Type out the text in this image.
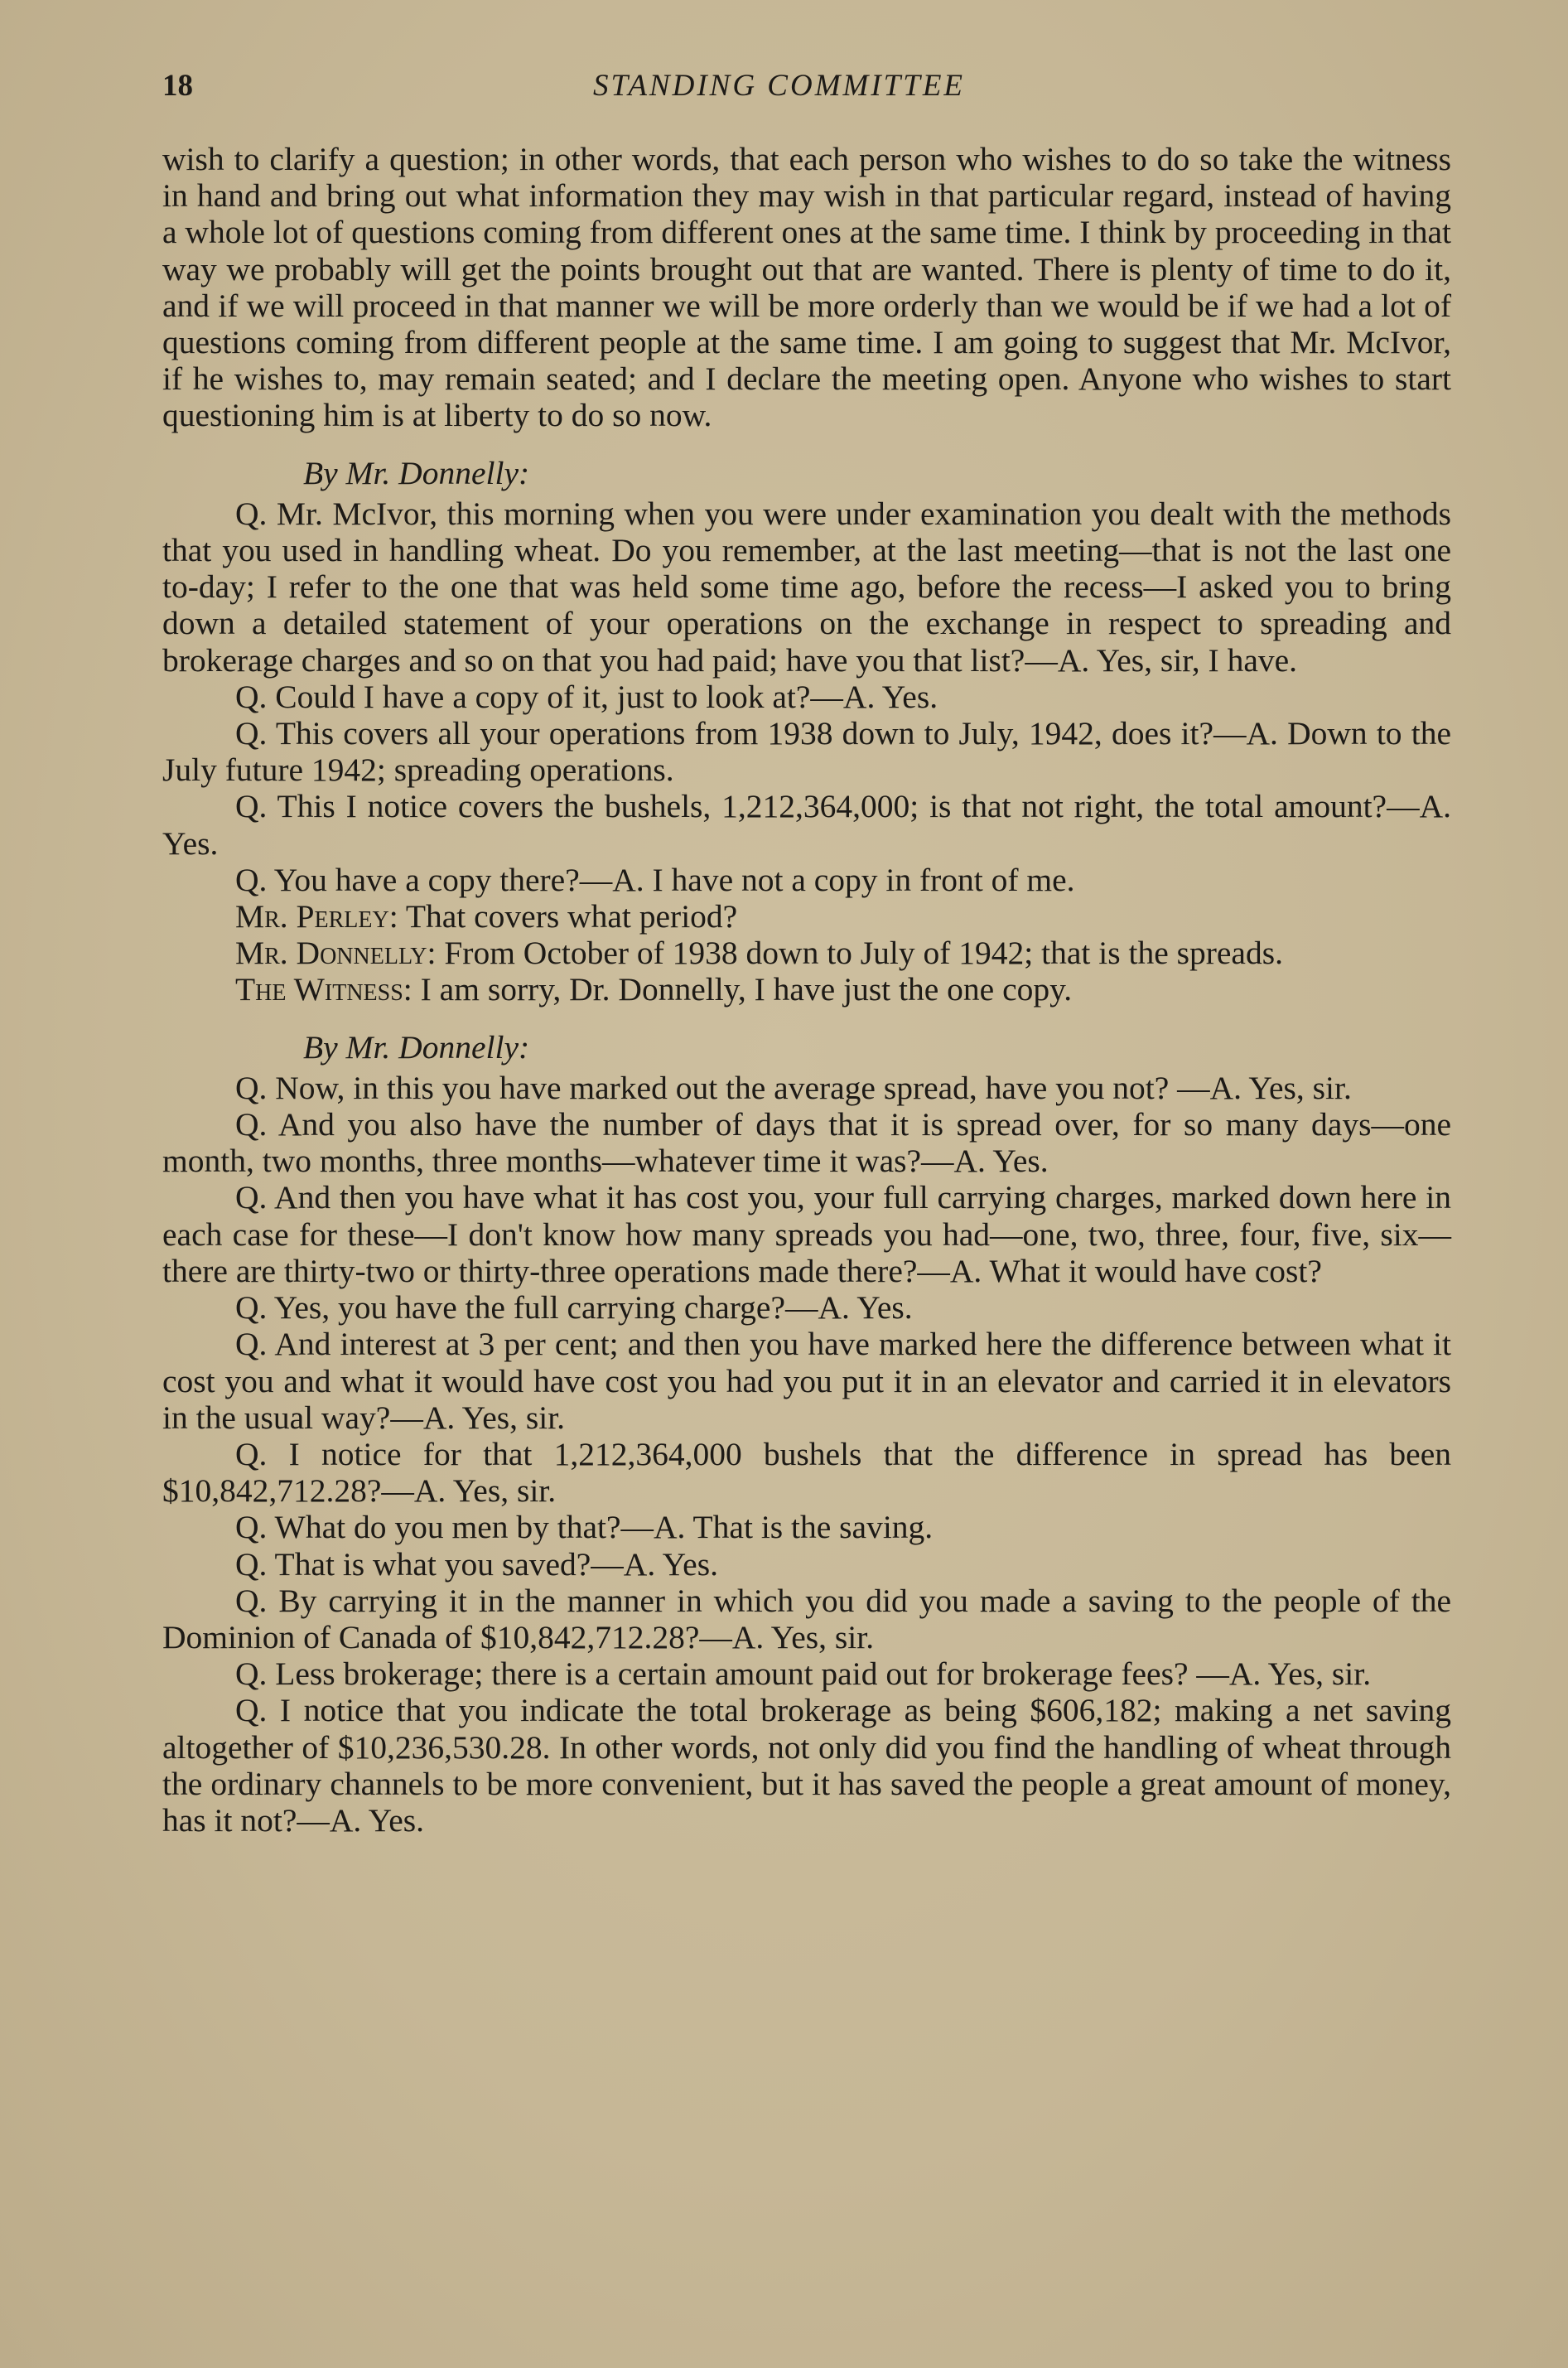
18	STANDING COMMITTEE

wish to clarify a question; in other words, that each person who wishes to do so take the witness in hand and bring out what information they may wish in that particular regard, instead of having a whole lot of questions coming from different ones at the same time. I think by proceeding in that way we probably will get the points brought out that are wanted. There is plenty of time to do it, and if we will proceed in that manner we will be more orderly than we would be if we had a lot of questions coming from different people at the same time. I am going to suggest that Mr. McIvor, if he wishes to, may remain seated; and I declare the meeting open. Anyone who wishes to start questioning him is at liberty to do so now.

By Mr. Donnelly:

Q. Mr. McIvor, this morning when you were under examination you dealt with the methods that you used in handling wheat. Do you remember, at the last meeting—that is not the last one to-day; I refer to the one that was held some time ago, before the recess—I asked you to bring down a detailed statement of your operations on the exchange in respect to spreading and brokerage charges and so on that you had paid; have you that list?—A. Yes, sir, I have.

Q. Could I have a copy of it, just to look at?—A. Yes.

Q. This covers all your operations from 1938 down to July, 1942, does it?—A. Down to the July future 1942; spreading operations.

Q. This I notice covers the bushels, 1,212,364,000; is that not right, the total amount?—A. Yes.

Q. You have a copy there?—A. I have not a copy in front of me.

Mr. Perley: That covers what period?

Mr. Donnelly: From October of 1938 down to July of 1942; that is the spreads.

The Witness: I am sorry, Dr. Donnelly, I have just the one copy.

By Mr. Donnelly:

Q. Now, in this you have marked out the average spread, have you not? —A. Yes, sir.

Q. And you also have the number of days that it is spread over, for so many days—one month, two months, three months—whatever time it was?—A. Yes.

Q. And then you have what it has cost you, your full carrying charges, marked down here in each case for these—I don't know how many spreads you had—one, two, three, four, five, six—there are thirty-two or thirty-three operations made there?—A. What it would have cost?

Q. Yes, you have the full carrying charge?—A. Yes.

Q. And interest at 3 per cent; and then you have marked here the difference between what it cost you and what it would have cost you had you put it in an elevator and carried it in elevators in the usual way?—A. Yes, sir.

Q. I notice for that 1,212,364,000 bushels that the difference in spread has been $10,842,712.28?—A. Yes, sir.

Q. What do you men by that?—A. That is the saving.

Q. That is what you saved?—A. Yes.

Q. By carrying it in the manner in which you did you made a saving to the people of the Dominion of Canada of $10,842,712.28?—A. Yes, sir.

Q. Less brokerage; there is a certain amount paid out for brokerage fees? —A. Yes, sir.

Q. I notice that you indicate the total brokerage as being $606,182; making a net saving altogether of $10,236,530.28. In other words, not only did you find the handling of wheat through the ordinary channels to be more convenient, but it has saved the people a great amount of money, has it not?—A. Yes.
